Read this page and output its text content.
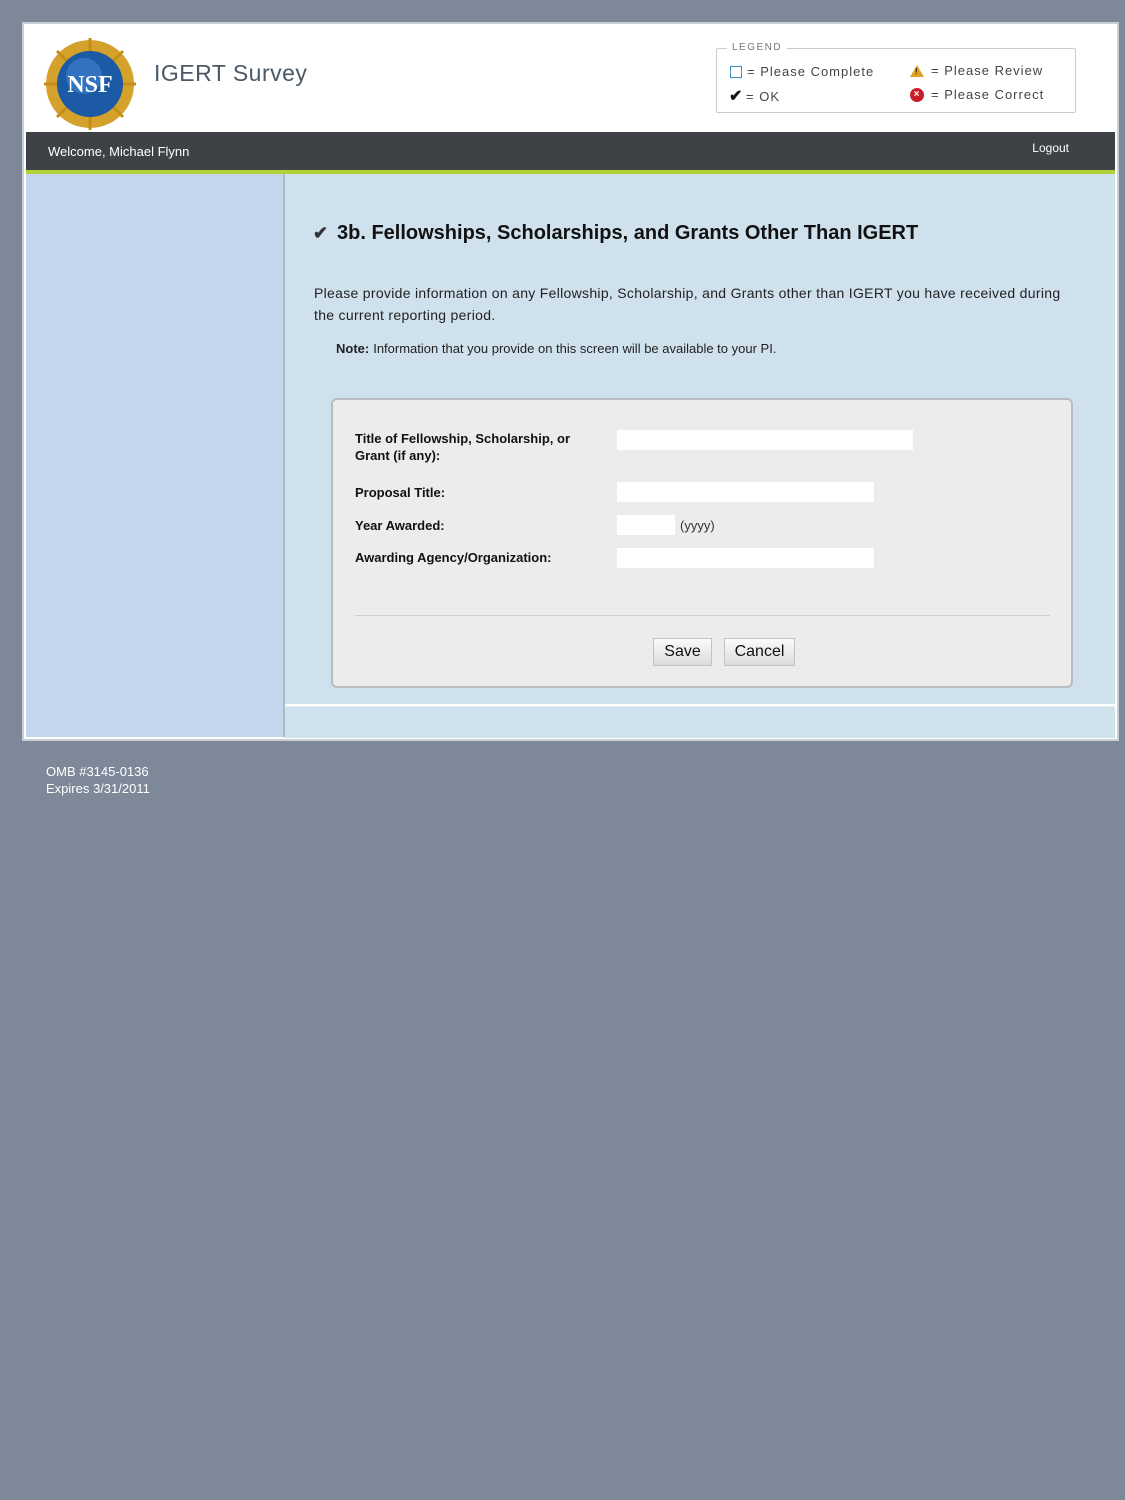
NSF IGERT Survey
LEGEND
= Please Complete	! = Please Review
✔ = OK	× = Please Correct
Welcome, Michael Flynn	Logout
✔ 3b. Fellowships, Scholarships, and Grants Other Than IGERT
Please provide information on any Fellowship, Scholarship, and Grants other than IGERT you have received during the current reporting period.
Note: Information that you provide on this screen will be available to your PI.
Title of Fellowship, Scholarship, or Grant (if any):
Proposal Title:
Year Awarded:	(yyyy)
Awarding Agency/Organization:
Save	Cancel
OMB #3145-0136
Expires 3/31/2011
